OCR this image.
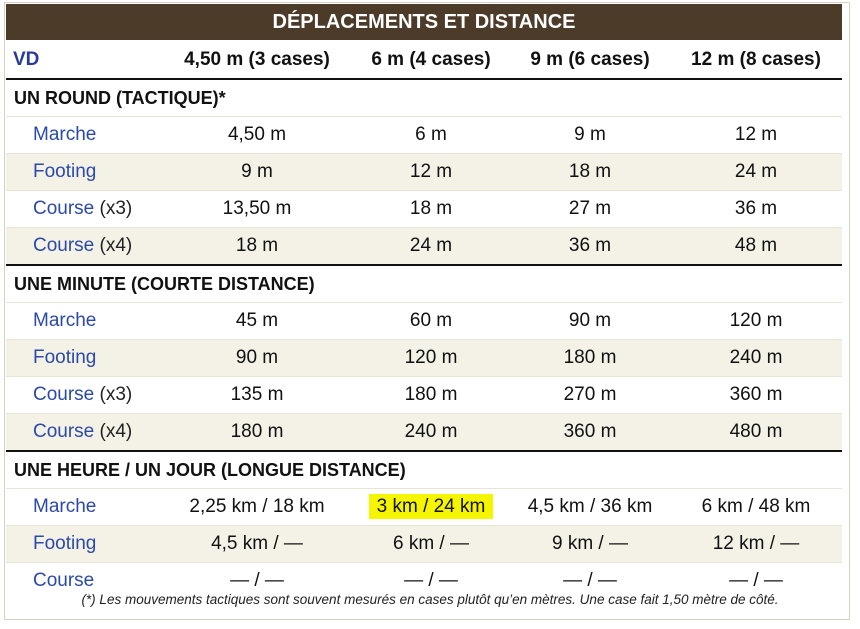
DÉPLACEMENTS ET DISTANCE
VD	4,50 m (3 cases)	6 m (4 cases)	9 m (6 cases)	12 m (8 cases)
UN ROUND (TACTIQUE)*				
Marche	4,50 m	6 m	9 m	12 m
Footing	9 m	12 m	18 m	24 m
Course (x3)	13,50 m	18 m	27 m	36 m
Course (x4)	18 m	24 m	36 m	48 m
UNE MINUTE (COURTE DISTANCE)				
Marche	45 m	60 m	90 m	120 m
Footing	90 m	120 m	180 m	240 m
Course (x3)	135 m	180 m	270 m	360 m
Course (x4)	180 m	240 m	360 m	480 m
UNE HEURE / UN JOUR (LONGUE DISTANCE)				
Marche	2,25 km / 18 km	3 km / 24 km	4,5 km / 36 km	6 km / 48 km
Footing	4,5 km / —	6 km / —	9 km / —	12 km / —
Course	— / —	— / —	— / —	— / —
(*) Les mouvements tactiques sont souvent mesurés en cases plutôt qu’en mètres. Une case fait 1,50 mètre de côté.
